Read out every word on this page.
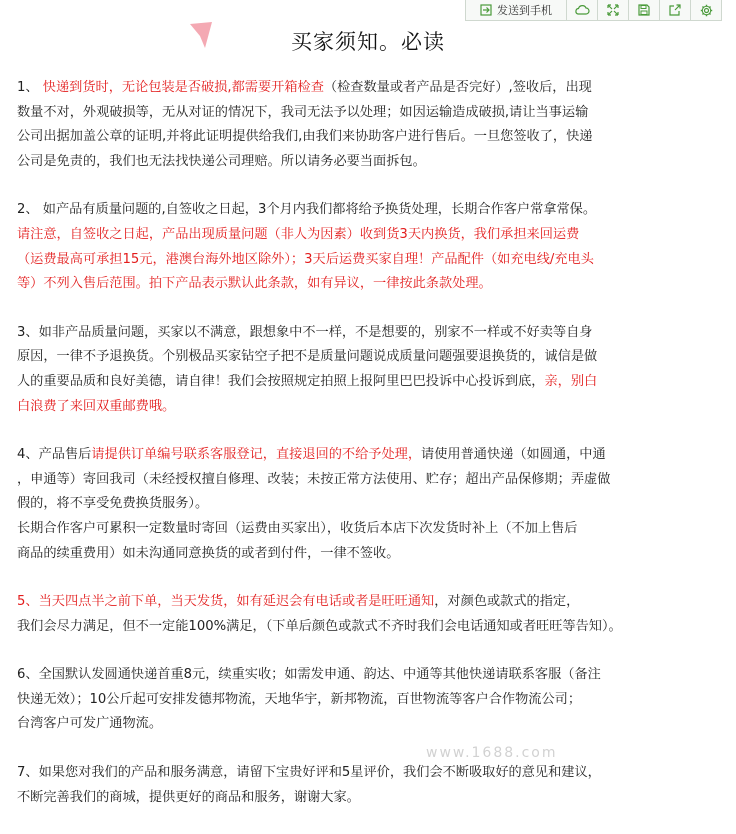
发送到手机
买家须知。必读
1、 快递到货时，无论包装是否破损,都需要开箱检查（检查数量或者产品是否完好）,签收后，出现
数量不对，外观破损等，无从对证的情况下，我司无法予以处理；如因运输造成破损,请让当事运输
公司出据加盖公章的证明,并将此证明提供给我们,由我们来协助客户进行售后。一旦您签收了，快递
公司是免责的，我们也无法找快递公司理赔。所以请务必要当面拆包。
2、 如产品有质量问题的,自签收之日起，3个月内我们都将给予换货处理，长期合作客户常拿常保。
请注意，自签收之日起，产品出现质量问题（非人为因素）收到货3天内换货，我们承担来回运费
（运费最高可承担15元，港澳台海外地区除外）；3天后运费买家自理！产品配件（如充电线/充电头
等）不列入售后范围。拍下产品表示默认此条款，如有异议，一律按此条款处理。
3、如非产品质量问题，买家以不满意，跟想象中不一样，不是想要的，别家不一样或不好卖等自身
原因，一律不予退换货。个别极品买家钻空子把不是质量问题说成质量问题强要退换货的，诚信是做
人的重要品质和良好美德，请自律！我们会按照规定拍照上报阿里巴巴投诉中心投诉到底，亲，别白
白浪费了来回双重邮费哦。
4、产品售后请提供订单编号联系客服登记，直接退回的不给予处理，请使用普通快递（如圆通，中通
，申通等）寄回我司（未经授权擅自修理、改装；未按正常方法使用、贮存；超出产品保修期；弄虚做
假的，将不享受免费换货服务）。
长期合作客户可累积一定数量时寄回（运费由买家出），收货后本店下次发货时补上（不加上售后
商品的续重费用）如未沟通同意换货的或者到付件，一律不签收。
5、当天四点半之前下单，当天发货，如有延迟会有电话或者是旺旺通知，对颜色或款式的指定，
我们会尽力满足，但不一定能100%满足，（下单后颜色或款式不齐时我们会电话通知或者旺旺等告知）。
6、全国默认发圆通快递首重8元，续重实收；如需发申通、韵达、中通等其他快递请联系客服（备注
快递无效）；10公斤起可安排发德邦物流，天地华宇，新邦物流，百世物流等客户合作物流公司；
台湾客户可发广通物流。
7、如果您对我们的产品和服务满意，请留下宝贵好评和5星评价，我们会不断吸取好的意见和建议，
不断完善我们的商城，提供更好的商品和服务，谢谢大家。
www.1688.com
